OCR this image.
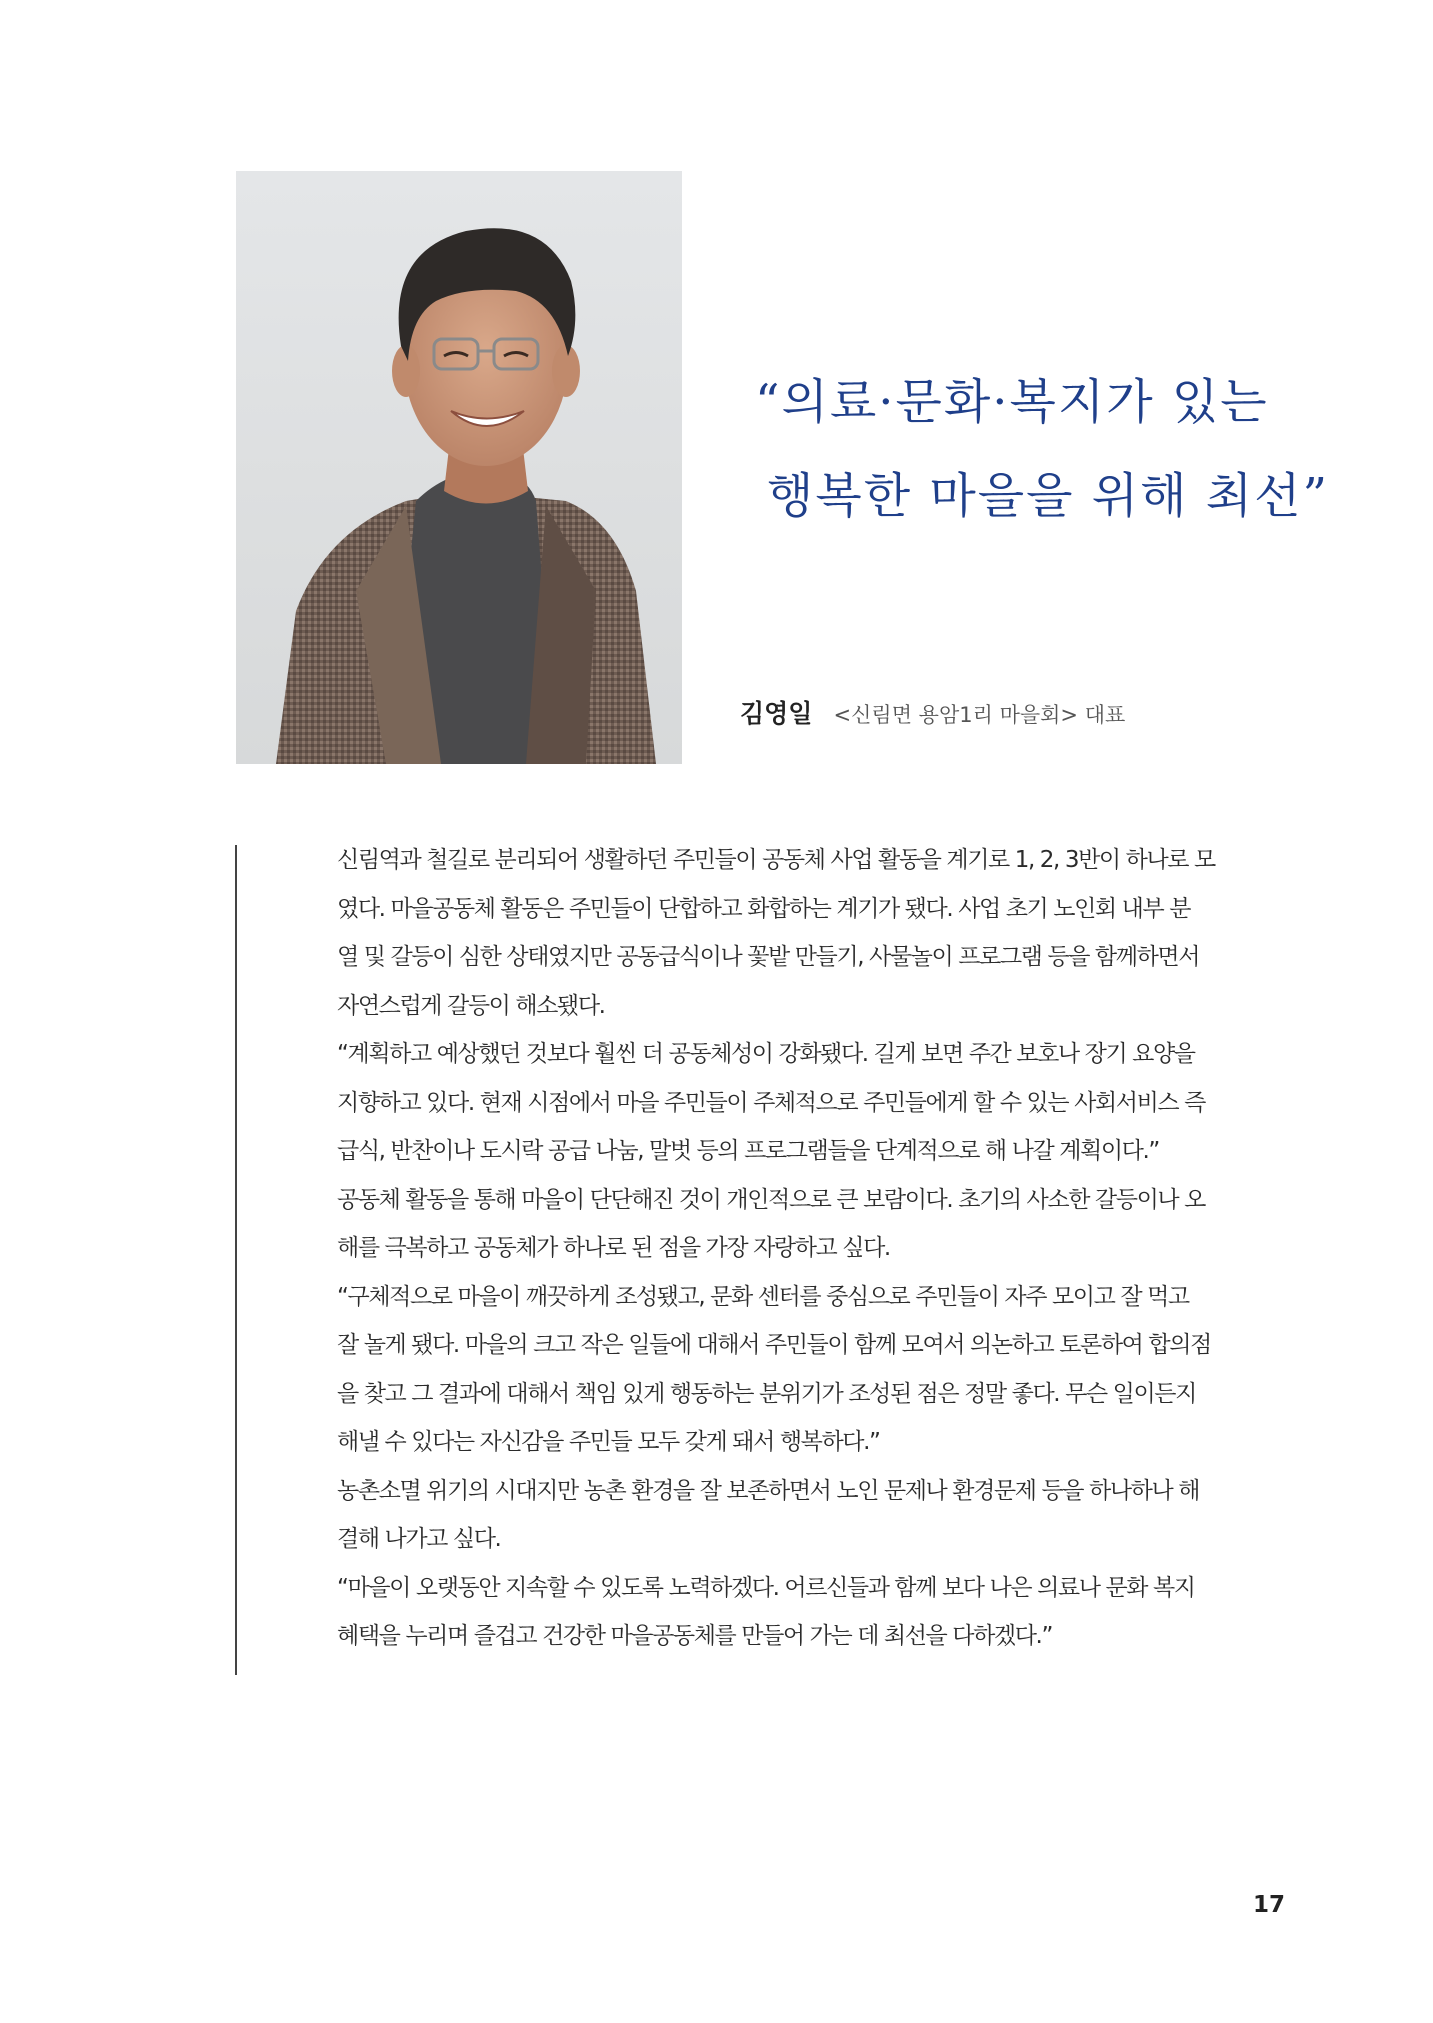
“의료·문화·복지가 있는
행복한 마을을 위해 최선”
김영일 <신림면 용암1리 마을회> 대표
신림역과 철길로 분리되어 생활하던 주민들이 공동체 사업 활동을 계기로 1, 2, 3반이 하나로 모
였다. 마을공동체 활동은 주민들이 단합하고 화합하는 계기가 됐다. 사업 초기 노인회 내부 분
열 및 갈등이 심한 상태였지만 공동급식이나 꽃밭 만들기, 사물놀이 프로그램 등을 함께하면서
자연스럽게 갈등이 해소됐다.
“계획하고 예상했던 것보다 훨씬 더 공동체성이 강화됐다. 길게 보면 주간 보호나 장기 요양을
지향하고 있다. 현재 시점에서 마을 주민들이 주체적으로 주민들에게 할 수 있는 사회서비스 즉
급식, 반찬이나 도시락 공급 나눔, 말벗 등의 프로그램들을 단계적으로 해 나갈 계획이다.”
공동체 활동을 통해 마을이 단단해진 것이 개인적으로 큰 보람이다. 초기의 사소한 갈등이나 오
해를 극복하고 공동체가 하나로 된 점을 가장 자랑하고 싶다.
“구체적으로 마을이 깨끗하게 조성됐고, 문화 센터를 중심으로 주민들이 자주 모이고 잘 먹고
잘 놀게 됐다. 마을의 크고 작은 일들에 대해서 주민들이 함께 모여서 의논하고 토론하여 합의점
을 찾고 그 결과에 대해서 책임 있게 행동하는 분위기가 조성된 점은 정말 좋다. 무슨 일이든지
해낼 수 있다는 자신감을 주민들 모두 갖게 돼서 행복하다.”
농촌소멸 위기의 시대지만 농촌 환경을 잘 보존하면서 노인 문제나 환경문제 등을 하나하나 해
결해 나가고 싶다.
“마을이 오랫동안 지속할 수 있도록 노력하겠다. 어르신들과 함께 보다 나은 의료나 문화 복지
혜택을 누리며 즐겁고 건강한 마을공동체를 만들어 가는 데 최선을 다하겠다.”
17
